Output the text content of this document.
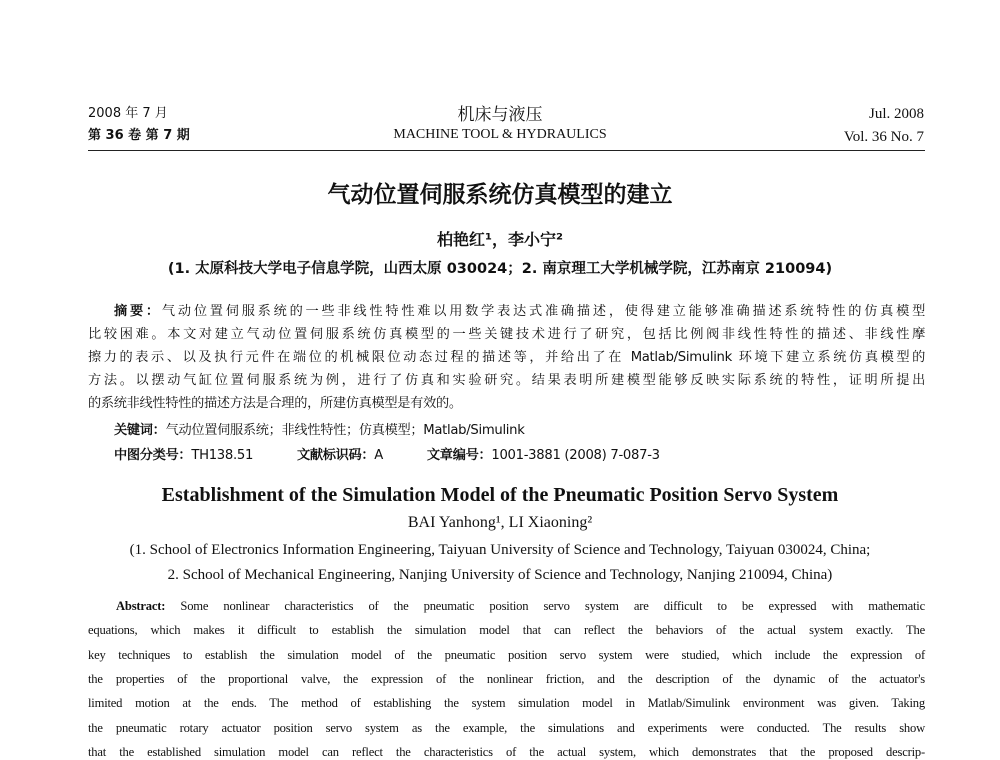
2008 年 7 月
第 36 卷 第 7 期
机床与液压
MACHINE TOOL & HYDRAULICS
Jul. 2008
Vol. 36 No. 7
气动位置伺服系统仿真模型的建立
柏艳红¹，李小宁²
(1. 太原科技大学电子信息学院，山西太原 030024；2. 南京理工大学机械学院，江苏南京 210094)
摘要：气动位置伺服系统的一些非线性特性难以用数学表达式准确描述，使得建立能够准确描述系统特性的仿真模型
比较困难。本文对建立气动位置伺服系统仿真模型的一些关键技术进行了研究，包括比例阀非线性特性的描述、非线性摩
擦力的表示、以及执行元件在端位的机械限位动态过程的描述等，并给出了在 Matlab/Simulink 环境下建立系统仿真模型的
方法。以摆动气缸位置伺服系统为例，进行了仿真和实验研究。结果表明所建模型能够反映实际系统的特性，证明所提出
的系统非线性特性的描述方法是合理的，所建仿真模型是有效的。
关键词：气动位置伺服系统；非线性特性；仿真模型；Matlab/Simulink
中图分类号：TH138.51	文献标识码：A	文章编号：1001-3881 (2008) 7-087-3
Establishment of the Simulation Model of the Pneumatic Position Servo System
BAI Yanhong¹, LI Xiaoning²
(1. School of Electronics Information Engineering, Taiyuan University of Science and Technology, Taiyuan 030024, China;
2. School of Mechanical Engineering, Nanjing University of Science and Technology, Nanjing 210094, China)
Abstract: Some nonlinear characteristics of the pneumatic position servo system are difficult to be expressed with mathematic
equations, which makes it difficult to establish the simulation model that can reflect the behaviors of the actual system exactly. The
key techniques to establish the simulation model of the pneumatic position servo system were studied, which include the expression of
the properties of the proportional valve, the expression of the nonlinear friction, and the description of the dynamic of the actuator's
limited motion at the ends. The method of establishing the system simulation model in Matlab/Simulink environment was given. Taking
the pneumatic rotary actuator position servo system as the example, the simulations and experiments were conducted. The results show
that the established simulation model can reflect the characteristics of the actual system, which demonstrates that the proposed descrip-
